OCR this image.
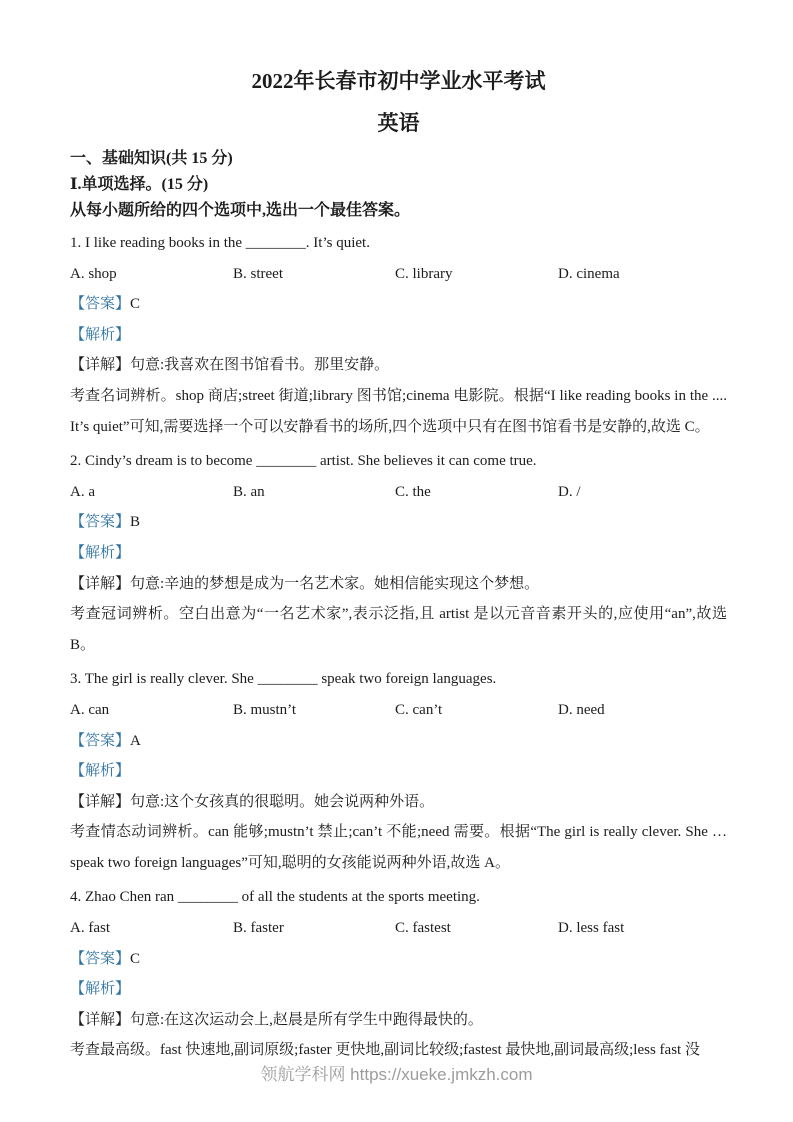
2022年长春市初中学业水平考试
英语
一、基础知识(共 15 分)
Ⅰ.单项选择。(15 分)
从每小题所给的四个选项中,选出一个最佳答案。
1. I like reading books in the ________. It’s quiet.
A. shop	B. street	C. library	D. cinema
【答案】C
【解析】
【详解】句意:我喜欢在图书馆看书。那里安静。
考查名词辨析。shop 商店;street 街道;library 图书馆;cinema 电影院。根据“I like reading books in the .... It’s quiet”可知,需要选择一个可以安静看书的场所,四个选项中只有在图书馆看书是安静的,故选 C。
2. Cindy’s dream is to become ________ artist. She believes it can come true.
A. a	B. an	C. the	D. /
【答案】B
【解析】
【详解】句意:辛迪的梦想是成为一名艺术家。她相信能实现这个梦想。
考查冠词辨析。空白出意为“一名艺术家”,表示泛指,且 artist 是以元音音素开头的,应使用“an”,故选 B。
3. The girl is really clever. She ________ speak two foreign languages.
A. can	B. mustn’t	C. can’t	D. need
【答案】A
【解析】
【详解】句意:这个女孩真的很聪明。她会说两种外语。
考查情态动词辨析。can 能够;mustn’t 禁止;can’t 不能;need 需要。根据“The girl is really clever. She … speak two foreign languages”可知,聪明的女孩能说两种外语,故选 A。
4. Zhao Chen ran ________ of all the students at the sports meeting.
A. fast	B. faster	C. fastest	D. less fast
【答案】C
【解析】
【详解】句意:在这次运动会上,赵晨是所有学生中跑得最快的。
考查最高级。fast 快速地,副词原级;faster 更快地,副词比较级;fastest 最快地,副词最高级;less fast 没
领航学科网 https://xueke.jmkzh.com
